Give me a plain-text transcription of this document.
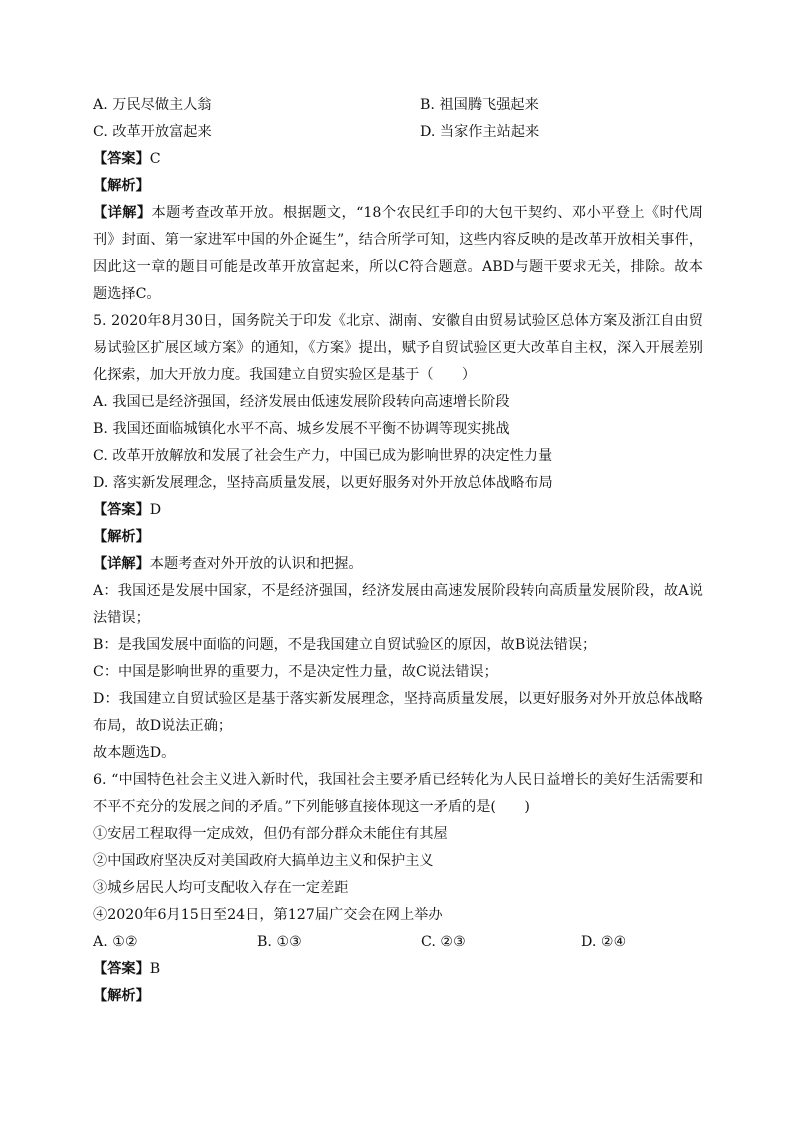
A. 万民尽做主人翁	B. 祖国腾飞强起来
C. 改革开放富起来	D. 当家作主站起来
【答案】C
【解析】
【详解】本题考查改革开放。根据题文，“18个农民红手印的大包干契约、邓小平登上《时代周刊》封面、第一家进军中国的外企诞生”，结合所学可知，这些内容反映的是改革开放相关事件，因此这一章的题目可能是改革开放富起来，所以C符合题意。ABD与题干要求无关，排除。故本题选择C。
5. 2020年8月30日，国务院关于印发《北京、湖南、安徽自由贸易试验区总体方案及浙江自由贸易试验区扩展区域方案》的通知，《方案》提出，赋予自贸试验区更大改革自主权，深入开展差别化探索，加大开放力度。我国建立自贸实验区是基于（　　）
A. 我国已是经济强国，经济发展由低速发展阶段转向高速增长阶段
B. 我国还面临城镇化水平不高、城乡发展不平衡不协调等现实挑战
C. 改革开放解放和发展了社会生产力，中国已成为影响世界的决定性力量
D. 落实新发展理念，坚持高质量发展，以更好服务对外开放总体战略布局
【答案】D
【解析】
【详解】本题考查对外开放的认识和把握。
A：我国还是发展中国家，不是经济强国，经济发展由高速发展阶段转向高质量发展阶段，故A说法错误；
B：是我国发展中面临的问题，不是我国建立自贸试验区的原因，故B说法错误；
C：中国是影响世界的重要力，不是决定性力量，故C说法错误；
D：我国建立自贸试验区是基于落实新发展理念，坚持高质量发展，以更好服务对外开放总体战略布局，故D说法正确；
故本题选D。
6. “中国特色社会主义进入新时代，我国社会主要矛盾已经转化为人民日益增长的美好生活需要和不平不充分的发展之间的矛盾。”下列能够直接体现这一矛盾的是(　　)
①安居工程取得一定成效，但仍有部分群众未能住有其屋
②中国政府坚决反对美国政府大搞单边主义和保护主义
③城乡居民人均可支配收入存在一定差距
④2020年6月15日至24日，第127届广交会在网上举办
A. ①②	B. ①③	C. ②③	D. ②④
【答案】B
【解析】
